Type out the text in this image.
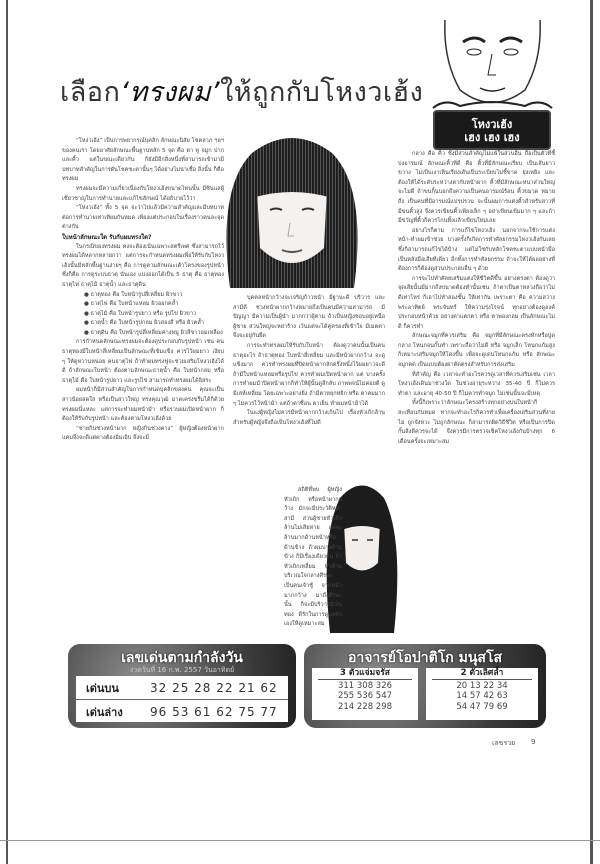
เลือก‘ทรงผม’ให้ถูกกับโหงวเฮ้ง
โหงวเฮ้ง
เฮง เฮง เฮง

“โหงวเฮ้ง” เป็นการพยากรณ์บุคลิก ลักษณะนิสัย โชคลาภ ฯลฯ ของคนเรา โดยอาศัยลักษณะพื้นฐานหลัก 5 จุด คือ ตา หู จมูก ปาก และคิ้ว แต่ในขณะเดียวกัน ก็ยังมีอีกสิ่งหนึ่งที่สามารถเข้ามามีบทบาทสำคัญในการผันโชคชะตานั้นๆ ได้อย่างไม่น่าเชื่อ สิ่งนั้น ก็คือ ทรงผม

ทรงผมจะมีความเกี่ยวเนื่องกับโหงวเฮ้งขนาดไหนนั้น มีซินแสผู้เชี่ยวชาญในการทำนายและแก้ไขลักษณ์ ได้อธิบายไว้ว่า

“โหงวเฮ้ง” ทั้ง 5 จุด จะว่าไปแล้วมีความสำคัญและมีบทบาทต่อการทำนายเท่าเทียมกันหมด เพียงแต่ประกอบในเรื่องราวคนละจุดต่างกัน

ใบหน้าลักษณะใด รับกับผมทรงใด?

ในกรณีของทรงผม คงจะต้องเน้นเฉพาะสตรีเพศ ซึ่งสามารถไว้ทรงผมได้หลากหลายกว่า แต่การจะกำหนดทรงผมเพื่อให้รับกับโหงวเฮ้งนั้นมีหลักพื้นฐานง่ายๆ คือ การดูตามลักษณะเค้าโครงของรูปหน้า ซึ่งก็คือ การดูระบบธาตุ นั่นเอง แบ่งออกได้เป็น 5 ธาตุ คือ ธาตุทอง ธาตุไฟ ธาตุไม้ ธาตุน้ำ และธาตุดิน

● ธาตุทอง คือ ใบหน้ารูปสี่เหลี่ยม ผิวขาว

● ธาตุไฟ คือ ใบหน้าแหลม ผิวออกคล้ำ

● ธาตุไม้ คือ ใบหน้ารูปยาว หรือ รูปไข่ ผิวขาว

● ธาตุน้ำ คือ ใบหน้ารูปกลม ผิวสองสี หรือ ผิวคล้ำ

● ธาตุดิน คือ ใบหน้ารูปสี่เหลี่ยมคางหมู ผิวสีขาวอมเหลือง

การกำหนดลักษณะทรงผมจะต้องดูประกอบกับรูปหน้า เช่น คนธาตุทองมีใบหน้าสี่เหลี่ยมเป็นลักษณะที่เข้มแข็ง ควรไว้ผมยาว เงียบ ๆ ให้ดูหวานหน่อย คนธาตุไฟ ถ้าทำผมทรงฟูจะช่วยเสริมโหงวเฮ้งได้ดี ถ้าลักษณะใบหน้า ต้องตามลักษณะธาตุน้ำ คือ ใบหน้ากลม หรือ ธาตุไม้ คือ ใบหน้ารูปยาว และรูปไข่ สามารถทำทรงผมได้อิสระ

ผมหน้าก็มีส่วนสำคัญในการกำหนดบุคลิกของคน คุณจะเป็นสาวน้อยสดใส หรือเป็นสาวใหญ่ ทรงคุณวุฒิ มาดเคร่งขรึมได้ก็ด้วยทรงผมนี่แหละ แต่การจะทำผมหน้าม้า หรือรวบผมเปิดหน้าผาก ก็ต้องให้รับกับรูปหน้า และต้องตามโหงวเฮ้งด้วย

“ชายกินช่วงหน้าผาก หญิงกินช่วงคาง” ผู้หญิงต้องหน้าผากแคบจึงจะดีแต่คางต้องอิ่มเอิบ จึงจะมี

บุคคลหน้ากว้างจะเจริญก้าวหน้า มีฐานะดี บริวาร และสามีดี ช่วงหน้าผากกว้างหมายถึงเป็นคนมีความสามารถ มีปัญญา มีความเป็นผู้นำ มากกว่าผู้ตาม ถ้าเป็นหญิงชอบอยู่เหนือผู้ชาย ส่วนใหญ่จะหย่าร้าง เว้นแต่จะได้คู่ครองที่เข้าใจ มีเมตตาจึงจะอยู่กันยืด

การจะทำทรงผมให้รับกับใบหน้า ต้องดูว่าคนนั้นเป็นคนธาตุอะไร ถ้าธาตุทอง ใบหน้าสี่เหลี่ยม และมีหน้าผากกว้าง จะดูแข็งมาก ควรทำทรงผมที่ปิดหน้าผากลักครึ่งหนึ่งไว้ผมยาวจะดี ถ้ามีใบหน้าแหลมหรือรูปไข่ ควรทำผมเปิดหน้าผาก แต่ บางครั้งการทำผมม้าปิดหน้าผากก็ทำให้ผู้นั้นดูลึกลับ ภาพพจน์ไม่ค่อยดี ดูมีเล่ห์เหลี่ยม โดยเฉพาะอย่างยิ่ง ถ้ามีตาหยุกหยิก หรือ ตาคมมาก ๆ ไม่ควรไว้หน้าม้า แต่ถ้าตาซื่อน ตาเย็น ทำผมหน้าม้าได้

ในแง่ผู้หญิงไม่ควรมีหน้าผากกว้างเกินไป เรื่องหัวเถิกล้านสำหรับผู้หญิงจึงถือเป็นโหงวเฮ้งที่ไม่ดี

สถิติที่พบ ผู้หญิงหัวเถิก หรือหน้าผากกว้าง มักจะมีประวัติหย่าสามี ส่วนผู้ชายหัวเถิกล้านไม่เสียหาย แต่จะล้านมากด้านหน้าหรือด้านข้าง ถ้าผมบางด้านข้าง ก็มีเรื่องเดียวกัน ถ้าหัวเถิกเหลี่ยม หัวล้านบริเวณใจกลางศีรษะ เป็นคนเจ้าชู้ จากหน้ามากกว้าง มาถึงศีรษะนั้น ก็จะมีบริวารมีเงินทอง ดีรักในการดูแลตัวเองให้ดูเหมาะสม

กลาง คือ คิ้ว ซึ่งมีส่วนสำคัญไม่แพ้ในส่วนอื่น ถือเป็นตัวที่ชี้บ่งอารมณ์ ลักษณะคิ้วที่ดี คือ คิ้วที่มีลักษณะเรียบ เป็นเส้นยาวขวาง ไม่เป็นเงาเห็นเรียงเส้นเป็นระเบียบไม่ชี้ขาด ยุ่งเหยิง และต้องให้ได้ระดับระหว่างตากับหน้าผาก คิ้วที่มีลักษณะหนาส่วนใหญ่จะไม่ดี ถ้าขนกิ้นบอกถึงความเป็นคนอารมณ์ร้อน คิ้วขมวด หมายถึง เป็นคนที่มีอารมณ์แปรปรวน จะนั้นผมการแต่งคิ้วสำหรับสาวที่มีขนคิ้วสูง จึงควรเขียนคิ้วเพียงเล็ก ๆ อย่าเขียนเข้มมาก ๆ และถ้ามีขวัญที่คิ้วก็ควรโกนทิ้งแล้วเขียนใหม่เลย

อย่างไรก็ตาม การแก้ไขโหงวเฮ้ง นอกจากจะใช้การแต่งหน้า-ทำผมเข้าช่วย บางครั้งก็เกิดการทำศัลยกรรมโหงวเฮ้งกันเลย ซึ่งก็สามารถแก้ไขได้บ้าง แต่ไม่ใช่กับหลักโชคชะตาแบบหน้ามือเป็นหลังมือเสียทีเดียว อีกทั้งการทำศัลยกรรม ถ้าจะให้ได้ผลอย่างที่ต้องการก็ต้องดูส่วนประกอบอื่น ๆ ด้วย

การจะไปทำศัลยเสริมแต่งให้ชีวิตดีขึ้น อย่างตรงตา ต้องดูว่าจุดเสียนั้นมีมากถึงขนาดต้องทำนั้นเช่น ถ้าตาเป็นตาหลวงถือว่าไม่ดีเท่าไหร่ ก็เอาไปทำสองชั้น ให้เท่ากัน เพราะตา คือ ความสว่าง พระอาทิตย์ พระจันทร์ ให้ความรุ่งโรจน์ ทุกอย่างต้องดูองค์ประกอบหน้าด้วย อย่างตาแตกตา หรือ ตาพองกลม เป็นลักษณะไม่ดี ก็ควรทำ

ลักษณะจมูกที่ควรเสริม คือ จมูกที่มีลักษณะตรงหักหรือปูดกลาง โหนกจนกั้นทำ เพราะถือว่าไม่ดี หรือ จมูกเล็ก โหนกแก้มสูง ก็เหมาะเสริมจมูกให้โด่งขึ้น เพื่อจะดูเด่นโหนกแก้ม หรือ ลักษณะจมูกคด เป็นแบบต้องผ่าตัดตรงสำหรับการส่งเสริม

ที่สำคัญ คือ เวลาจะทำอะไรควรดูเวลาที่ควรเสริมเช่น เวลาโหงวเฮ้งเดินมาช่วงใด ในช่วงอายุระหว่าง 35-40 ปี ก็ไม่ควรทำตา และอายุ 40-50 ปี ก็ไม่ควรทำจมูก ไม่เช่นนั้นจะมีเหตุ

ทั้งนี้ก็เพราะว่าลักษณะโครงสร้างทุกอย่างบนใบหน้าก็สะเทือนกันหมด หากจะทำอะไรก็ควรทำเพื่อเครื่องเสริมส่วนที่ง่ายไม่ ถูกจังหวะ ไม่ถูกลักษณะ ก็สามารถผิดวิธีชีวิต หรือเป็นการปิดกั้นสิ่งดีควรจะได้ จึงควรมีการตรวจเช็คโหงวเฮ้งกันบ้างทุก 6 เดือนครั้งจะเหมาะสม

เลขเด่นตามกำลังวัน
งวดวันที่ 16 ก.พ. 2557 วันอาทิตย์
เด่นบน	32 25 28 22 21 62
เด่นล่าง	96 53 61 62 75 77
อาจารย์โอปาติโก มนุสโส
3 ตัวแจ่มจรัส
311 308 326
255 536 547
214 228 298
2 ตัวเลิศล้ำ
20 13 22 34
14 57 42 63
54 47 79 69
เลขรวย 9
